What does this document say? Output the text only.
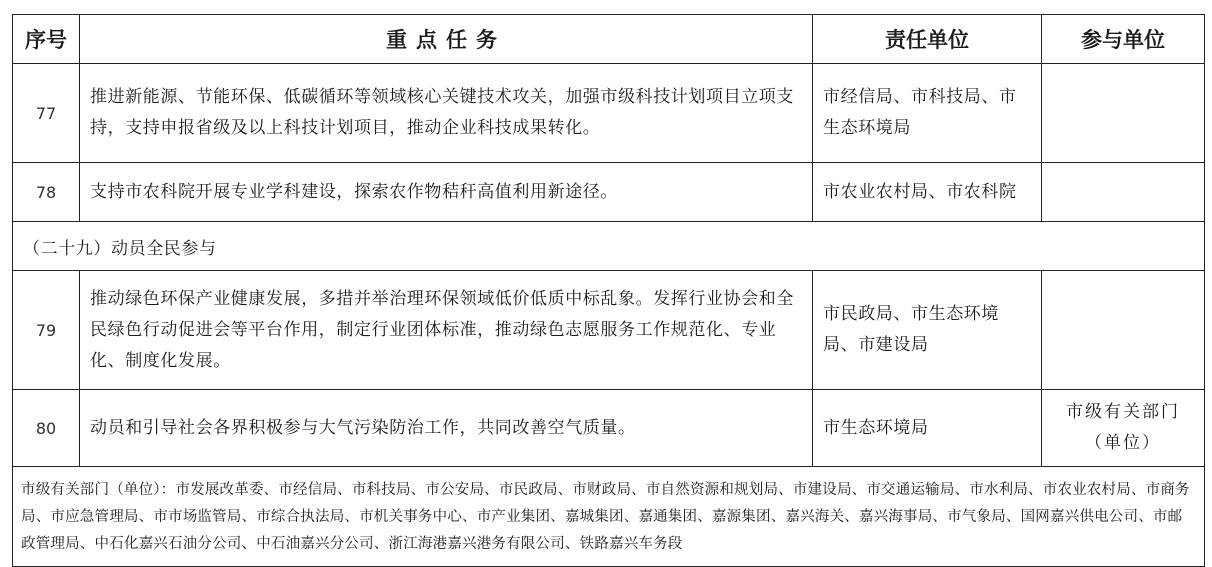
序号	重点任务	责任单位	参与单位
77	推进新能源、节能环保、低碳循环等领域核心关键技术攻关，加强市级科技计划项目立项支持，支持申报省级及以上科技计划项目，推动企业科技成果转化。	市经信局、市科技局、市生态环境局	
78	支持市农科院开展专业学科建设，探索农作物秸秆高值利用新途径。	市农业农村局、市农科院	
（二十九）动员全民参与			
79	推动绿色环保产业健康发展，多措并举治理环保领域低价低质中标乱象。发挥行业协会和全民绿色行动促进会等平台作用，制定行业团体标准，推动绿色志愿服务工作规范化、专业化、制度化发展。	市民政局、市生态环境局、市建设局	
80	动员和引导社会各界积极参与大气污染防治工作，共同改善空气质量。	市生态环境局	市级有关部门（单位）
市级有关部门（单位）：市发展改革委、市经信局、市科技局、市公安局、市民政局、市财政局、市自然资源和规划局、市建设局、市交通运输局、市水利局、市农业农村局、市商务局、市应急管理局、市市场监管局、市综合执法局、市机关事务中心、市产业集团、嘉城集团、嘉通集团、嘉源集团、嘉兴海关、嘉兴海事局、市气象局、国网嘉兴供电公司、市邮政管理局、中石化嘉兴石油分公司、中石油嘉兴分公司、浙江海港嘉兴港务有限公司、铁路嘉兴车务段			
